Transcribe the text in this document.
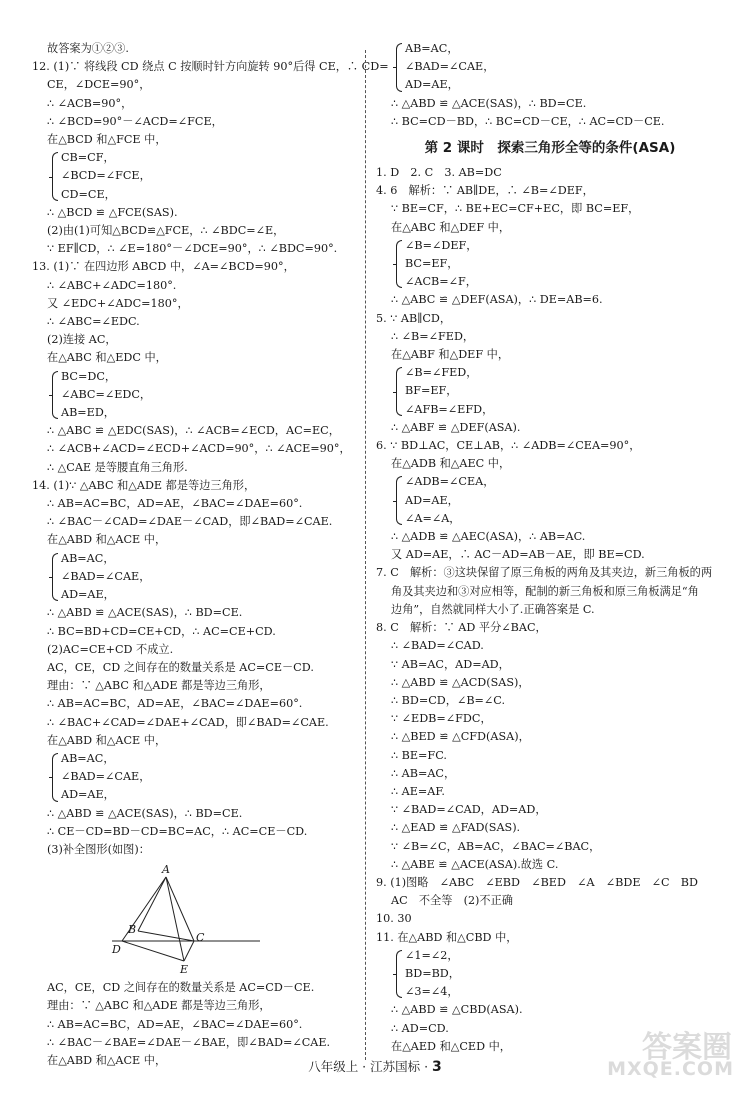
故答案为①②③.
12. (1)∵ 将线段 CD 绕点 C 按顺时针方向旋转 90°后得 CE，∴ CD=
CE，∠DCE=90°，
∴ ∠ACB=90°，
∴ ∠BCD=90°－∠ACD=∠FCE，
在△BCD 和△FCE 中，
CB=CF，
∠BCD=∠FCE，
CD=CE，
∴ △BCD ≌ △FCE(SAS).
(2)由(1)可知△BCD≌△FCE，∴ ∠BDC=∠E，
∵ EF∥CD，∴ ∠E=180°－∠DCE=90°，∴ ∠BDC=90°.
13. (1)∵ 在四边形 ABCD 中，∠A=∠BCD=90°，
∴ ∠ABC+∠ADC=180°.
又 ∠EDC+∠ADC=180°，
∴ ∠ABC=∠EDC.
(2)连接 AC，
在△ABC 和△EDC 中，
BC=DC，
∠ABC=∠EDC，
AB=ED，
∴ △ABC ≌ △EDC(SAS)，∴ ∠ACB=∠ECD，AC=EC，
∴ ∠ACB+∠ACD=∠ECD+∠ACD=90°，∴ ∠ACE=90°，
∴ △CAE 是等腰直角三角形.
14. (1)∵ △ABC 和△ADE 都是等边三角形，
∴ AB=AC=BC，AD=AE，∠BAC=∠DAE=60°.
∴ ∠BAC－∠CAD=∠DAE－∠CAD，即∠BAD=∠CAE.
在△ABD 和△ACE 中，
AB=AC，
∠BAD=∠CAE，
AD=AE，
∴ △ABD ≌ △ACE(SAS)，∴ BD=CE.
∴ BC=BD+CD=CE+CD，∴ AC=CE+CD.
(2)AC=CE+CD 不成立.
AC，CE，CD 之间存在的数量关系是 AC=CE－CD.
理由：∵ △ABC 和△ADE 都是等边三角形，
∴ AB=AC=BC，AD=AE，∠BAC=∠DAE=60°.
∴ ∠BAC+∠CAD=∠DAE+∠CAD，即∠BAD=∠CAE.
在△ABD 和△ACE 中，
AB=AC，
∠BAD=∠CAE，
AD=AE，
∴ △ABD ≌ △ACE(SAS)，∴ BD=CE.
∴ CE－CD=BD－CD=BC=AC，∴ AC=CE－CD.
(3)补全图形(如图)：
A
B
C
D
E
AC，CE，CD 之间存在的数量关系是 AC=CD－CE.
理由：∵ △ABC 和△ADE 都是等边三角形，
∴ AB=AC=BC，AD=AE，∠BAC=∠DAE=60°.
∴ ∠BAC－∠BAE=∠DAE－∠BAE，即∠BAD=∠CAE.
在△ABD 和△ACE 中，
AB=AC，
∠BAD=∠CAE，
AD=AE，
∴ △ABD ≌ △ACE(SAS)，∴ BD=CE.
∴ BC=CD－BD，∴ BC=CD－CE，∴ AC=CD－CE.
第 2 课时　探索三角形全等的条件(ASA)
1. D　2. C　3. AB=DC
4. 6　解析：∵ AB∥DE，∴ ∠B=∠DEF，
∵ BE=CF，∴ BE+EC=CF+EC，即 BC=EF，
在△ABC 和△DEF 中，
∠B=∠DEF，
BC=EF，
∠ACB=∠F，
∴ △ABC ≌ △DEF(ASA)，∴ DE=AB=6.
5. ∵ AB∥CD，
∴ ∠B=∠FED，
在△ABF 和△DEF 中，
∠B=∠FED，
BF=EF，
∠AFB=∠EFD，
∴ △ABF ≌ △DEF(ASA).
6. ∵ BD⊥AC，CE⊥AB，∴ ∠ADB=∠CEA=90°，
在△ADB 和△AEC 中，
∠ADB=∠CEA，
AD=AE，
∠A=∠A，
∴ △ADB ≌ △AEC(ASA)，∴ AB=AC.
又 AD=AE，∴ AC－AD=AB－AE，即 BE=CD.
7. C　解析：③这块保留了原三角板的两角及其夹边，新三角板的两
角及其夹边和③对应相等，配制的新三角板和原三角板满足“角
边角”，自然就同样大小了.正确答案是 C.
8. C　解析：∵ AD 平分∠BAC，
∴ ∠BAD=∠CAD.
∵ AB=AC，AD=AD，
∴ △ABD ≌ △ACD(SAS)，
∴ BD=CD，∠B=∠C.
∵ ∠EDB=∠FDC，
∴ △BED ≌ △CFD(ASA)，
∴ BE=FC.
∴ AB=AC，
∴ AE=AF.
∵ ∠BAD=∠CAD，AD=AD，
∴ △EAD ≌ △FAD(SAS).
∵ ∠B=∠C，AB=AC，∠BAC=∠BAC，
∴ △ABE ≌ △ACE(ASA).故选 C.
9. (1)图略　∠ABC　∠EBD　∠BED　∠A　∠BDE　∠C　BD
AC　不全等　(2)不正确
10. 30
11. 在△ABD 和△CBD 中，
∠1=∠2，
BD=BD，
∠3=∠4，
∴ △ABD ≌ △CBD(ASA).
∴ AD=CD.
在△AED 和△CED 中，
八年级上 · 江苏国标 · 3
答案圈
MXQE.COM
